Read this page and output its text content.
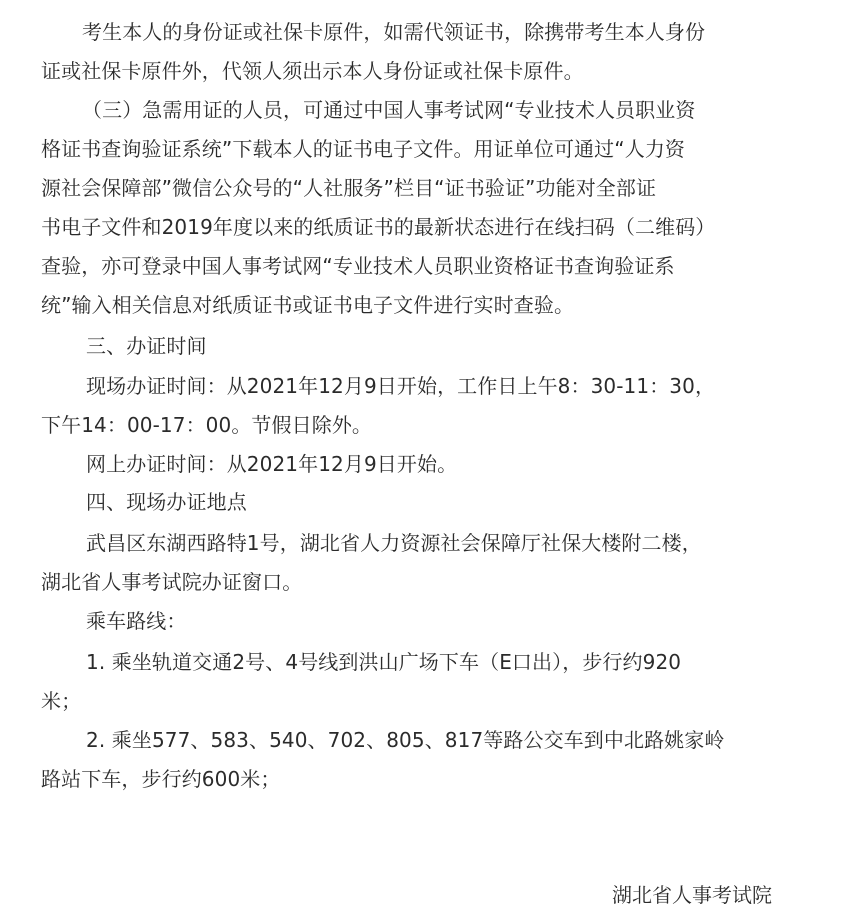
考生本人的身份证或社保卡原件，如需代领证书，除携带考生本人身份
证或社保卡原件外，代领人须出示本人身份证或社保卡原件。
（三）急需用证的人员，可通过中国人事考试网“专业技术人员职业资
格证书查询验证系统”下载本人的证书电子文件。用证单位可通过“人力资
源社会保障部”微信公众号的“人社服务”栏目“证书验证”功能对全部证
书电子文件和2019年度以来的纸质证书的最新状态进行在线扫码（二维码）
查验，亦可登录中国人事考试网“专业技术人员职业资格证书查询验证系
统”输入相关信息对纸质证书或证书电子文件进行实时查验。
三、办证时间
现场办证时间：从2021年12月9日开始，工作日上午8：30-11：30，
下午14：00-17：00。节假日除外。
网上办证时间：从2021年12月9日开始。
四、现场办证地点
武昌区东湖西路特1号，湖北省人力资源社会保障厅社保大楼附二楼，
湖北省人事考试院办证窗口。
乘车路线：
1. 乘坐轨道交通2号、4号线到洪山广场下车（E口出），步行约920
米；
2. 乘坐577、583、540、702、805、817等路公交车到中北路姚家岭
路站下车，步行约600米；
湖北省人事考试院
